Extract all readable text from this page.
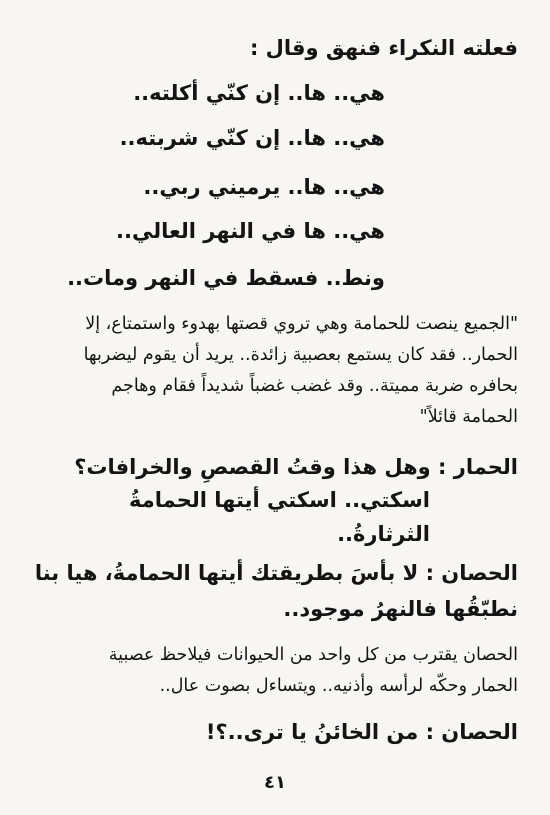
فعلته النكراء فنهق وقال :
هي.. ها.. إن كنّي أكلته..
هي.. ها.. إن كنّي شربته..
هي.. ها.. يرميني ربي..
هي.. ها في النهر العالي..
ونط.. فسقط في النهر ومات..
"الجميع ينصت للحمامة وهي تروي قصتها بهدوء واستمتاع، إلا
الحمار.. فقد كان يستمع بعصبية زائدة.. يريد أن يقوم ليضربها
بحافره ضربة مميتة.. وقد غضب غضباً شديداً فقام وهاجم
الحمامة قائلاً"
الحمار : وهل هذا وقتُ القصصِ والخرافات؟
اسكتي.. اسكتي أيتها الحمامةُ
الثرثارةُ..
الحصان : لا بأسَ بطريقتك أيتها الحمامةُ، هيا بنا
نطبّقُها فالنهرُ موجود..
الحصان يقترب من كل واحد من الحيوانات فيلاحظ عصبية
الحمار وحكّه لرأسه وأذنيه.. ويتساءل بصوت عال..
الحصان : من الخائنُ يا ترى..؟!
٤١
